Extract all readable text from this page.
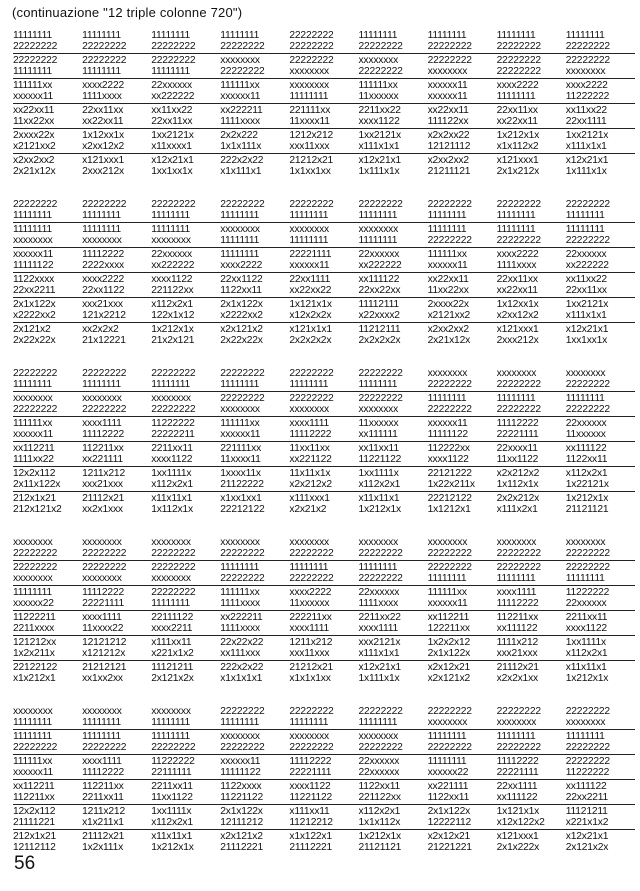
(continuazione "12 triple colonne 720")
11111111
22222222
11111111
22222222
11111111
22222222
11111111
22222222
22222222
22222222
11111111
22222222
11111111
22222222
11111111
22222222
11111111
22222222
22222222
11111111
22222222
11111111
22222222
11111111
xxxxxxxx
22222222
22222222
xxxxxxxx
xxxxxxxx
22222222
22222222
xxxxxxxx
22222222
22222222
22222222
xxxxxxxx
111111xx
xxxxxx11
xxxx2222
1111xxxx
22xxxxxx
xx222222
111111xx
xxxxxx11
xxxxxxxx
11111111
111111xx
11xxxxxx
xxxxxx11
xxxxxx11
xxxx2222
11111111
xxxx2222
11222222
xx22xx11
11xx22xx
22xx11xx
xx22xx11
xx11xx22
22xx11xx
xx222211
1111xxxx
221111xx
11xxxx11
2211xx22
xxxx1122
xx22xx11
111122xx
22xx11xx
xx22xx11
xx11xx22
22xx1111
2xxxx22x
x2121xx2
1x12xx1x
x2xx12x2
1xx2121x
x11xxxx1
2x2x222
1x1x111x
1212x212
xxx11xxx
1xx2121x
x111x1x1
x2x2xx22
12121112
1x212x1x
x1x112x2
1xx2121x
x111x1x1
x2xx2xx2
2x21x12x
x121xxx1
2xxx212x
x12x21x1
1xx1xx1x
222x2x22
x1x111x1
21212x21
1x1xx1xx
x12x21x1
1x111x1x
x2xx2xx2
21211121
x121xxx1
2x1x212x
x12x21x1
1x111x1x
22222222
11111111
22222222
11111111
22222222
11111111
22222222
11111111
22222222
11111111
22222222
11111111
22222222
11111111
22222222
11111111
22222222
11111111
11111111
xxxxxxxx
11111111
xxxxxxxx
11111111
xxxxxxxx
xxxxxxxx
11111111
xxxxxxxx
11111111
xxxxxxxx
11111111
11111111
22222222
11111111
22222222
11111111
22222222
xxxxxx11
11111122
11112222
2222xxxx
22xxxxxx
xx222222
11111111
xxxx2222
22221111
xxxxxx11
22xxxxxx
xx222222
111111xx
xxxxxx11
xxxx2222
1111xxxx
22xxxxxx
xx222222
1122xxxx
22xx2211
xxxx2222
22xx1122
xxxx1122
221122xx
22xx1122
1122xx11
22xx1111
xx22xx22
xx111122
22xx22xx
xx22xx11
11xx22xx
22xx11xx
xx22xx11
xx11xx22
22xx11xx
2x1x122x
x2222xx2
xxx21xxx
121x2212
x112x2x1
122x1x12
2x1x122x
x2222xx2
1x121x1x
x12x2x2x
11112111
x22xxxx2
2xxxx22x
x2121xx2
1x12xx1x
x2xx12x2
1xx2121x
x111x1x1
2x121x2
2x22x22x
xx2x2x2
21x12221
1x212x1x
21x2x121
x2x121x2
2x22x22x
x121x1x1
2x2x2x2x
11212111
2x2x2x2x
x2xx2xx2
2x21x12x
x121xxx1
2xxx212x
x12x21x1
1xx1xx1x
22222222
11111111
22222222
11111111
22222222
11111111
22222222
11111111
22222222
11111111
22222222
11111111
xxxxxxxx
22222222
xxxxxxxx
22222222
xxxxxxxx
22222222
xxxxxxxx
22222222
xxxxxxxx
22222222
xxxxxxxx
22222222
22222222
xxxxxxxx
22222222
xxxxxxxx
22222222
xxxxxxxx
11111111
22222222
11111111
22222222
11111111
22222222
111111xx
xxxxxx11
xxxx1111
11112222
11222222
22222211
111111xx
xxxxxx11
xxxx1111
11112222
11xxxxxx
xx111111
xxxxxx11
11111122
11112222
22221111
22xxxxxx
11xxxxxx
xx112211
1111xx22
112211xx
xx221111
2211xx11
xxxx1122
221111xx
11xxxx11
11xx11xx
xx221122
xx11xx11
11221122
112222xx
xxxx1122
22xxxx11
11xx1122
xx111122
1122xx11
12x2x112
2x11x122x
1211x212
xxx21xxx
1xx1111x
x112x2x1
1xxxx11x
21122222
11x11x1x
x2x212x2
1xx1111x
x112x2x1
22121222
1x22x211x
x2x212x2
1x112x1x
x112x2x1
1x22121x
212x1x21
212x121x2
21112x21
xx2x1xxx
x11x11x1
1x112x1x
x1xx1xx1
22212122
x111xxx1
x2x21x2
x11x11x1
1x212x1x
22212122
1x1212x1
2x2x212x
x111x2x1
1x212x1x
21121121
xxxxxxxx
22222222
xxxxxxxx
22222222
xxxxxxxx
22222222
xxxxxxxx
22222222
xxxxxxxx
22222222
xxxxxxxx
22222222
xxxxxxxx
22222222
xxxxxxxx
22222222
xxxxxxxx
22222222
22222222
xxxxxxxx
22222222
xxxxxxxx
22222222
xxxxxxxx
11111111
22222222
11111111
22222222
11111111
22222222
22222222
11111111
22222222
11111111
22222222
11111111
11111111
xxxxxx22
11112222
22221111
22222222
11111111
111111xx
1111xxxx
xxxx2222
11xxxxxx
22xxxxxx
1111xxxx
111111xx
xxxxxx11
xxxx1111
11112222
11222222
22xxxxxx
11222211
2211xxxx
xxxx1111
11xxxx22
22111122
xxxx2211
xx222211
1111xxxx
222211xx
xxxx1111
2211xx22
xxxx1111
xx112211
122211xx
112211xx
xx111122
2211xx11
xxxx1122
121212xx
1x2x211x
12121212
x121212x
x111xx11
x221x1x2
22x22x22
xx111xxx
1211x212
xxx11xxx
xxx2121x
x111x1x1
1x2x2x12
2x1x122x
1111x212
xxx21xxx
1xx1111x
x112x2x1
22122122
x1x212x1
21212121
xx1xx2xx
11121211
2x121x2x
222x2x22
x1x1x1x1
21212x21
x1x1x1xx
x12x21x1
1x111x1x
x2x12x21
x2x121x2
21112x21
x2x2x1xx
x11x11x1
1x212x1x
xxxxxxxx
11111111
xxxxxxxx
11111111
xxxxxxxx
11111111
22222222
11111111
22222222
11111111
22222222
11111111
22222222
xxxxxxxx
22222222
xxxxxxxx
22222222
xxxxxxxx
11111111
22222222
11111111
22222222
11111111
22222222
xxxxxxxx
22222222
xxxxxxxx
22222222
xxxxxxxx
22222222
11111111
22222222
11111111
22222222
11111111
22222222
111111xx
xxxxxx11
xxxx1111
11112222
11222222
22111111
xxxxxx11
11111122
11112222
22221111
22xxxxxx
22xxxxxx
11111111
xxxxxx22
11112222
22221111
22222222
11222222
xx112211
112211xx
112211xx
2211xx11
2211xx11
11xx1122
1122xxxx
11221122
xxxx1122
11221122
1122xx11
221122xx
xx221111
1122xx11
22xx1111
xx111122
xx111122
22xx2211
12x2x112
21111221
1211x212
x1x211x1
1xx1111x
x112x2x1
2x1x122x
12111212
x111xx11
11212212
x112x2x1
1x1x112x
2x1x122x
12222112
1x121x1x
x12x122x2
11121211
x221x1x2
212x1x21
12112112
21112x21
1x2x111x
x11x11x1
1x212x1x
x2x121x2
21112221
x1x122x1
21112221
1x212x1x
21121121
x2x12x21
21221221
x121xxx1
2x1x222x
x12x21x1
2x121x2x
56
